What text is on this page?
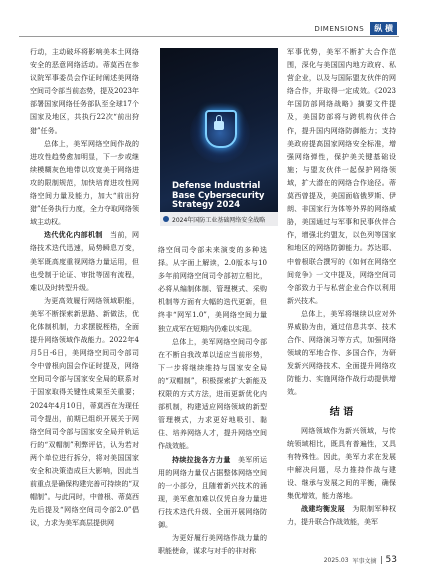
DIMENSIONS	纵 横

行动，主动破坏将影响美本土网络安全的恶意网络活动。蒂莫西在参议院军事委员会作证时阐述美网络空间司令部当前态势，提及2023年部署国家网络任务部队至全球17个国家及地区，共执行22次“前出狩猎”任务。

总体上，美军网络空间作战的进攻性趋势愈加明显，下一步或继续模糊灰色地带以攻宽美于网络进攻的限制规范，加快培育进攻性网络空间力量及能力，加大“前出狩猎”任务执行力度，全力夺取网络领域主动权。

迭代优化内部机制　 当前，网络技术迭代迅速，局势瞬息万变，美军既高度重视网络力量运用，但也受制于论证、审批等固有流程，难以及时转型升级。

为更高效履行网络领域职能，美军不断探索新思路、新做法，优化体制机制，力求摆脱桎梏，全面提升网络领域作战能力。2022年4月5日-6日，美网络空间司令部司令中曾根向国会作证时提及，网络空间司令部与国家安全局的联系对于国家取得关键性成果至关重要；2024年4月10日，蒂莫西在为现任司令提出，前期已组织开展关于网络空间司令部与国家安全局并轨运行的“双帽制”利弊评估，认为若对两个单位进行拆分，将对美国国家安全和决策造成巨大影响，因此当前重点是确保构建完善可持续的“双帽制”。与此同时，中曾根、蒂莫西先后提及“网络空间司令部2.0”倡议，力求为美军高层提供网

Defense Industrial Base Cybersecurity Strategy 2024
2024年国防工业基础网络安全战略

络空间司令部未来演变的多种选择。从字面上解读，2.0版本与10多年前网络空间司令部初立相比，必将从编制体制、管理模式、采购机制等方面有大幅的迭代更新，但终非“网军1.0”，美网络空间力量独立成军在短期内仍难以实现。

总体上，美军网络空间司令部在不断自我改革以适应当前形势，下一步将继续维持与国家安全局的“双帽制”，积极探索扩大新能及权限的方式方法，进而更新优化内部机制，构建适应网络领域的新型管理模式，力求更好地吸引、黏住、培养网络人才，提升网络空间作战效能。

持续拉拢各方力量　 美军所运用的网络力量仅占据整体网络空间的一小部分，且随着新兴技术的涌现，美军愈加难以仅凭自身力量进行技术迭代升级、全面开展网络防御。

为更好履行美网络作战力量的职能使命，谋求与对手的非对称

军事优势，美军不断扩大合作范围，深化与美国国内地方政府、私营企业，以及与国际盟友伙伴的网络合作，并取得一定成效。《2023年国防部网络战略》摘要文件提及，美国防部将与跨机构伙伴合作，提升国内网络防御能力；支持美政府提高国家网络安全标准，增强网络弹性，保护美关键基础设施；与盟友伙伴一起保护网络领域，扩大潜在的网络合作途径。蒂莫西曾提及，美国面临俄罗斯、伊朗、非国家行为体等外界的网络威胁，美国通过与军事和民事伙伴合作，增强北约盟友，以色列等国家和地区的网络防御能力。苏达耶、中曾根联合撰写的《如何在网络空间竞争》一文中提及，网络空间司令部致力于与私营企业合作以利用新兴技术。

总体上，美军将继续以应对外界威胁为由，通过信息共享、技术合作、网络演习等方式，加强网络领域的军地合作、多国合作，为研发新兴网络技术、全面提升网络攻防能力、实施网络作战行动提供增效。

结 语

网络领域作为新兴领域，与传统领域相比，既具有普遍性，又具有特殊性。因此，美军力求在发展中解决问题，尽力推持作战与建设、继承与发展之间的平衡，确保集优增效，能力落地。

战建均衡发展　 为限制军种权力，提升联合作战效能，美军

2025.03 军事文摘 53
